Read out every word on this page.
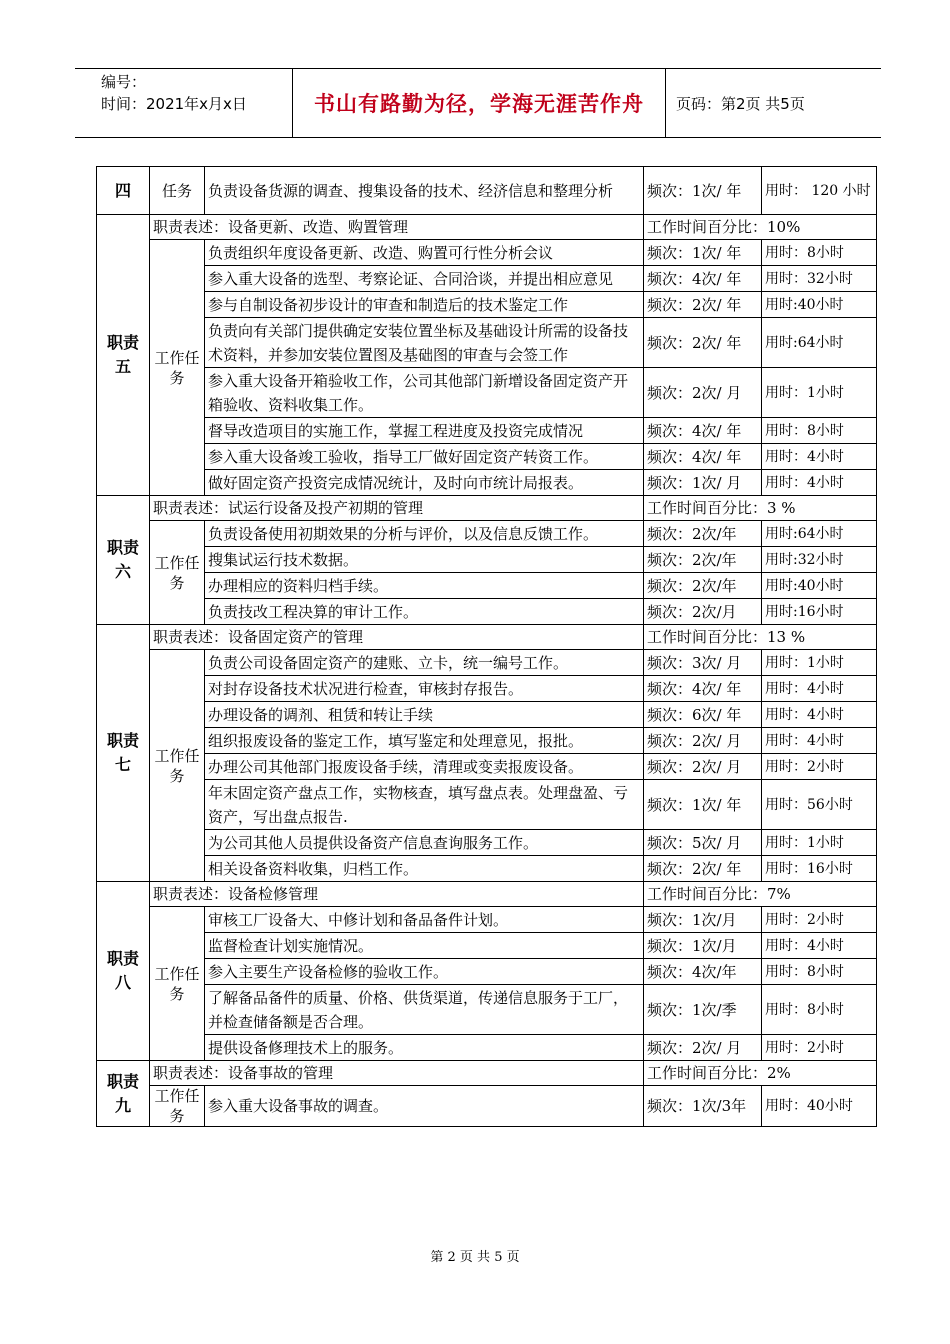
编号：
时间：2021年x月x日	书山有路勤为径，学海无涯苦作舟	页码：第2页 共5页
四	任务	负责设备货源的调查、搜集设备的技术、经济信息和整理分析	频次：1次/ 年	用时： 120 小时
职责五	职责表述：设备更新、改造、购置管理		工作时间百分比：10%	
	工作任务	负责组织年度设备更新、改造、购置可行性分析会议	频次：1次/ 年	用时：8小时
		参入重大设备的选型、考察论证、合同洽谈，并提出相应意见	频次：4次/ 年	用时：32小时
		参与自制设备初步设计的审查和制造后的技术鉴定工作	频次：2次/ 年	用时:40小时
		负责向有关部门提供确定安装位置坐标及基础设计所需的设备技术资料，并参加安装位置图及基础图的审查与会签工作	频次：2次/ 年	用时:64小时
		参入重大设备开箱验收工作，公司其他部门新增设备固定资产开箱验收、资料收集工作。	频次：2次/ 月	用时：1小时
		督导改造项目的实施工作，掌握工程进度及投资完成情况	频次：4次/ 年	用时：8小时
		参入重大设备竣工验收，指导工厂做好固定资产转资工作。	频次：4次/ 年	用时：4小时
		做好固定资产投资完成情况统计，及时向市统计局报表。	频次：1次/ 月	用时：4小时
职责六	职责表述：试运行设备及投产初期的管理		工作时间百分比：3 %	
	工作任务	负责设备使用初期效果的分析与评价，以及信息反馈工作。	频次：2次/年	用时:64小时
		搜集试运行技术数据。	频次：2次/年	用时:32小时
		办理相应的资料归档手续。	频次：2次/年	用时:40小时
		负责技改工程决算的审计工作。	频次：2次/月	用时:16小时
职责七	职责表述：设备固定资产的管理		工作时间百分比：13 %	
	工作任务	负责公司设备固定资产的建账、立卡，统一编号工作。	频次：3次/ 月	用时：1小时
		对封存设备技术状况进行检查，审核封存报告。	频次：4次/ 年	用时：4小时
		办理设备的调剂、租赁和转让手续	频次：6次/ 年	用时：4小时
		组织报废设备的鉴定工作，填写鉴定和处理意见，报批。	频次：2次/ 月	用时：4小时
		办理公司其他部门报废设备手续，清理或变卖报废设备。	频次：2次/ 月	用时：2小时
		年末固定资产盘点工作，实物核查，填写盘点表。处理盘盈、亏资产，写出盘点报告.	频次：1次/ 年	用时：56小时
		为公司其他人员提供设备资产信息查询服务工作。	频次：5次/ 月	用时：1小时
		相关设备资料收集，归档工作。	频次：2次/ 年	用时：16小时
职责八	职责表述：设备检修管理		工作时间百分比：7%	
	工作任务	审核工厂设备大、中修计划和备品备件计划。	频次：1次/月	用时：2小时
		监督检查计划实施情况。	频次：1次/月	用时：4小时
		参入主要生产设备检修的验收工作。	频次：4次/年	用时：8小时
		了解备品备件的质量、价格、供货渠道，传递信息服务于工厂，并检查储备额是否合理。	频次：1次/季	用时：8小时
		提供设备修理技术上的服务。	频次：2次/ 月	用时：2小时
职责九	职责表述：设备事故的管理		工作时间百分比：2%	
	工作任务	参入重大设备事故的调查。	频次：1次/3年	用时：40小时
第 2 页 共 5 页
